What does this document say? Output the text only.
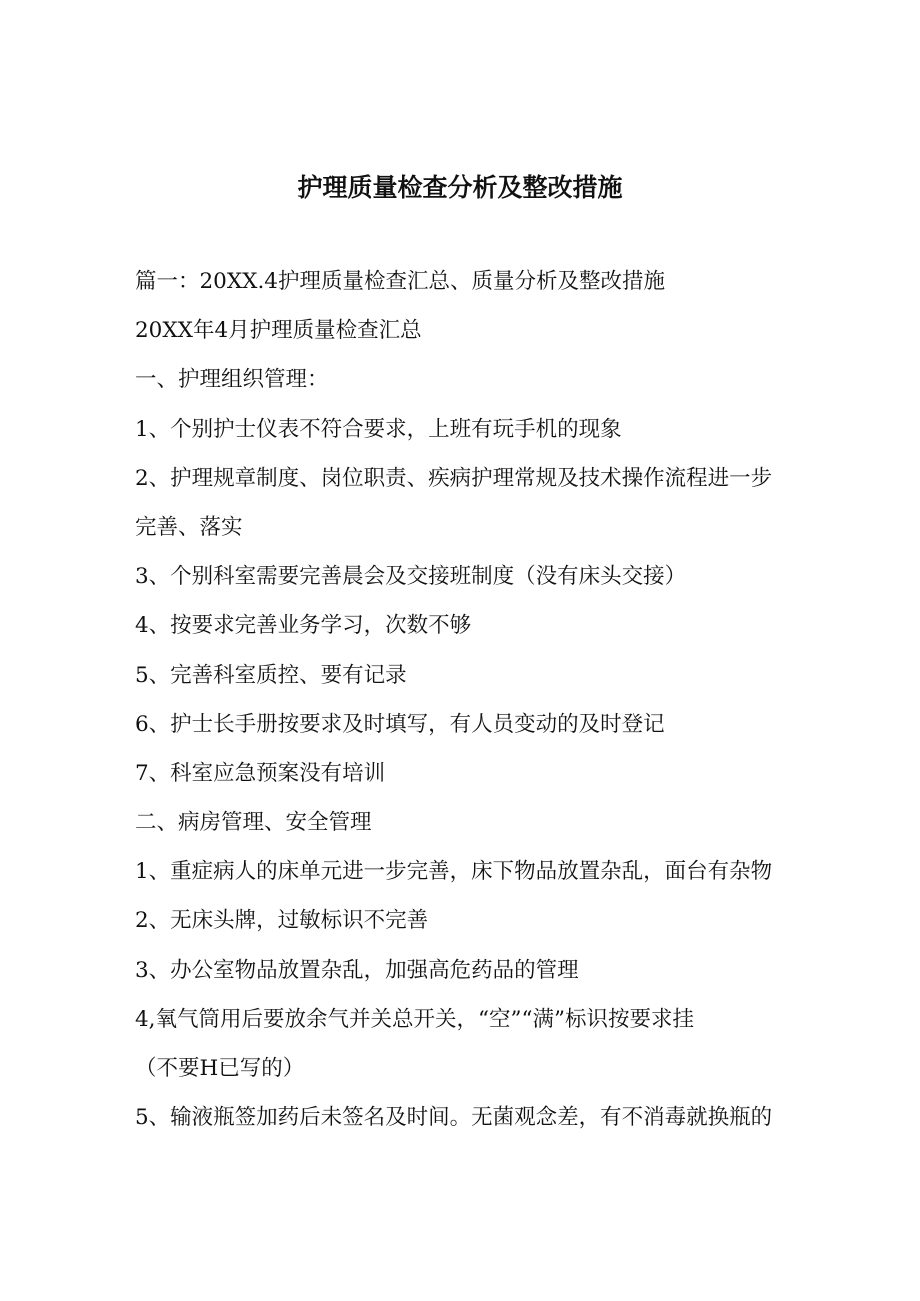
护理质量检查分析及整改措施
篇一：20XX.4护理质量检查汇总、质量分析及整改措施
20XX年4月护理质量检查汇总
一、护理组织管理：
1、个别护士仪表不符合要求，上班有玩手机的现象
2、护理规章制度、岗位职责、疾病护理常规及技术操作流程进一步
完善、落实
3、个别科室需要完善晨会及交接班制度（没有床头交接）
4、按要求完善业务学习，次数不够
5、完善科室质控、要有记录
6、护士长手册按要求及时填写，有人员变动的及时登记
7、科室应急预案没有培训
二、病房管理、安全管理
1、重症病人的床单元进一步完善，床下物品放置杂乱，面台有杂物
2、无床头牌，过敏标识不完善
3、办公室物品放置杂乱，加强高危药品的管理
4,氧气筒用后要放余气并关总开关，“空”“满”标识按要求挂
（不要H已写的）
5、输液瓶签加药后未签名及时间。无菌观念差，有不消毒就换瓶的
